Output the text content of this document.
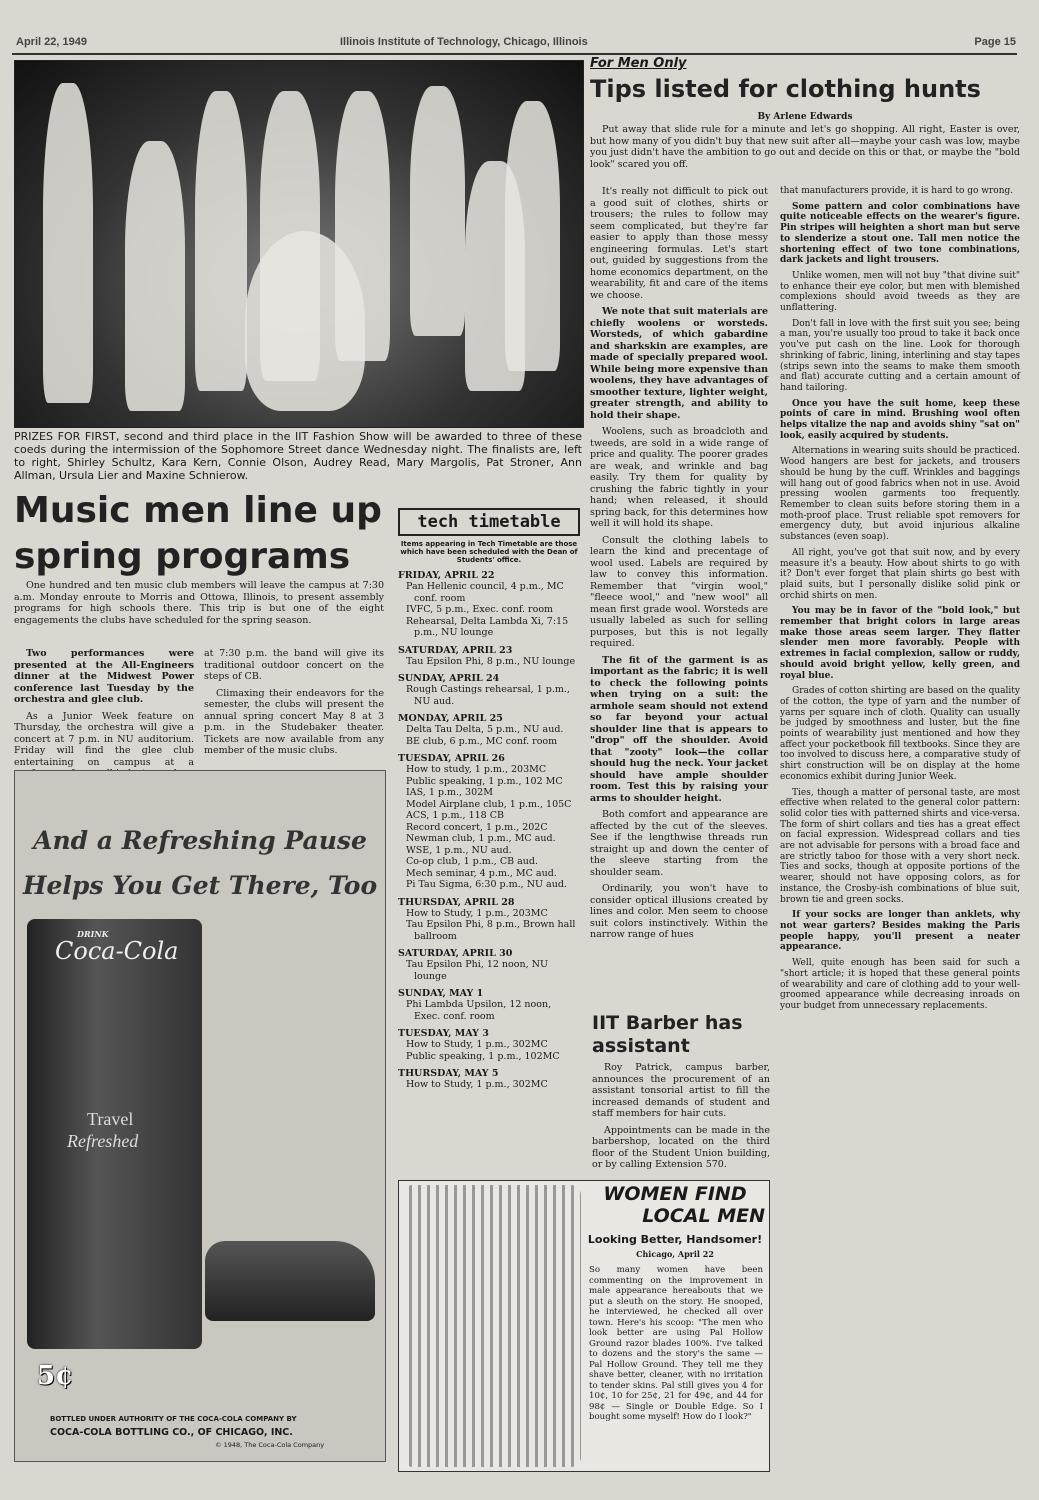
April 22, 1949	Illinois Institute of Technology, Chicago, Illinois	Page 15
PRIZES FOR FIRST, second and third place in the IIT Fashion Show will be awarded to three of these coeds during the intermission of the Sophomore Street dance Wednesday night. The finalists are, left to right, Shirley Schultz, Kara Kern, Connie Olson, Audrey Read, Mary Margolis, Pat Stroner, Ann Allman, Ursula Lier and Maxine Schnierow.
Music men line up spring programs

One hundred and ten music club members will leave the campus at 7:30 a.m. Monday enroute to Morris and Ottowa, Illinois, to present assembly programs for high schools there. This trip is but one of the eight engagements the clubs have scheduled for the spring season.

Two performances were presented at the All-Engineers dinner at the Midwest Power conference last Tuesday by the orchestra and glee club.

As a Junior Week feature on Thursday, the orchestra will give a concert at 7 p.m. in NU auditorium. Friday will find the glee club entertaining on campus at a

at 7:30 p.m. the band will give its traditional outdoor concert on the steps of CB.

Climaxing their endeavors for the semester, the clubs will present the annual spring concert May 8 at 3 p.m. in the Studebaker theater. Tickets are now available from any member of the music clubs.

tech timetable
Items appearing in Tech Timetable are those which have been scheduled with the Dean of Students' office.
FRIDAY, APRIL 22
Pan Hellenic council, 4 p.m., MC conf. room
IVFC, 5 p.m., Exec. conf. room
Rehearsal, Delta Lambda Xi, 7:15 p.m., NU lounge
SATURDAY, APRIL 23
Tau Epsilon Phi, 8 p.m., NU lounge
SUNDAY, APRIL 24
Rough Castings rehearsal, 1 p.m., NU aud.
MONDAY, APRIL 25
Delta Tau Delta, 5 p.m., NU aud.
BE club, 6 p.m., MC conf. room
TUESDAY, APRIL 26
How to study, 1 p.m., 203MC
Public speaking, 1 p.m., 102 MC
IAS, 1 p.m., 302M
Model Airplane club, 1 p.m., 105C
ACS, 1 p.m., 118 CB
Record concert, 1 p.m., 202C
Newman club, 1 p.m., MC aud.
WSE, 1 p.m., NU aud.
Co-op club, 1 p.m., CB aud.
Mech seminar, 4 p.m., MC aud.
Pi Tau Sigma, 6:30 p.m., NU aud.
THURSDAY, APRIL 28
How to Study, 1 p.m., 203MC
Tau Epsilon Phi, 8 p.m., Brown hall ballroom
SATURDAY, APRIL 30
Tau Epsilon Phi, 12 noon, NU lounge
SUNDAY, MAY 1
Phi Lambda Upsilon, 12 noon, Exec. conf. room
TUESDAY, MAY 3
How to Study, 1 p.m., 302MC
Public speaking, 1 p.m., 102MC
THURSDAY, MAY 5
How to Study, 1 p.m., 302MC
And a Refreshing Pause
Helps You Get There, Too
DRINK
Coca-Cola
Travel
Refreshed
5¢
BOTTLED UNDER AUTHORITY OF THE COCA-COLA COMPANY BY
COCA-COLA BOTTLING CO., OF CHICAGO, INC.
© 1948, The Coca-Cola Company
For Men Only
Tips listed for clothing hunts
By Arlene Edwards

Put away that slide rule for a minute and let's go shopping. All right, Easter is over, but how many of you didn't buy that new suit after all—maybe your cash was low, maybe you just didn't have the ambition to go out and decide on this or that, or maybe the "bold look" scared you off.

It's really not difficult to pick out a good suit of clothes, shirts or trousers; the rules to follow may seem complicated, but they're far easier to apply than those messy engineering formulas. Let's start out, guided by suggestions from the home economics department, on the wearability, fit and care of the items we choose.

We note that suit materials are chiefly woolens or worsteds. Worsteds, of which gabardine and sharkskin are examples, are made of specially prepared wool. While being more expensive than woolens, they have advantages of smoother texture, lighter weight, greater strength, and ability to hold their shape.

Woolens, such as broadcloth and tweeds, are sold in a wide range of price and quality. The poorer grades are weak, and wrinkle and bag easily. Try them for quality by crushing the fabric tightly in your hand; when released, it should spring back, for this determines how well it will hold its shape.

Consult the clothing labels to learn the kind and precentage of wool used. Labels are required by law to convey this information. Remember that "virgin wool," "fleece wool," and "new wool" all mean first grade wool. Worsteds are usually labeled as such for selling purposes, but this is not legally required.

The fit of the garment is as important as the fabric; it is well to check the following points when trying on a suit: the armhole seam should not extend so far beyond your actual shoulder line that is appears to "drop" off the shoulder. Avoid that "zooty" look—the collar should hug the neck. Your jacket should have ample shoulder room. Test this by raising your arms to shoulder height.

Both comfort and appearance are affected by the cut of the sleeves. See if the lengthwise threads run straight up and down the center of the sleeve starting from the shoulder seam.

Ordinarily, you won't have to consider optical illusions created by lines and color. Men seem to choose suit colors instinctively. Within the narrow range of hues

that manufacturers provide, it is hard to go wrong.

Some pattern and color combinations have quite noticeable effects on the wearer's figure. Pin stripes will heighten a short man but serve to slenderize a stout one. Tall men notice the shortening effect of two tone combinations, dark jackets and light trousers.

Unlike women, men will not buy "that divine suit" to enhance their eye color, but men with blemished complexions should avoid tweeds as they are unflattering.

Don't fall in love with the first suit you see; being a man, you're usually too proud to take it back once you've put cash on the line. Look for thorough shrinking of fabric, lining, interlining and stay tapes (strips sewn into the seams to make them smooth and flat) accurate cutting and a certain amount of hand tailoring.

Once you have the suit home, keep these points of care in mind. Brushing wool often helps vitalize the nap and avoids shiny "sat on" look, easily acquired by students.

Alternations in wearing suits should be practiced. Wood hangers are best for jackets, and trousers should be hung by the cuff. Wrinkles and baggings will hang out of good fabrics when not in use. Avoid pressing woolen garments too frequently. Remember to clean suits before storing them in a moth-proof place. Trust reliable spot removers for emergency duty, but avoid injurious alkaline substances (even soap).

All right, you've got that suit now, and by every measure it's a beauty. How about shirts to go with it? Don't ever forget that plain shirts go best with plaid suits, but I personally dislike solid pink or orchid shirts on men.

You may be in favor of the "bold look," but remember that bright colors in large areas make those areas seem larger. They flatter slender men more favorably. People with extremes in facial complexion, sallow or ruddy, should avoid bright yellow, kelly green, and royal blue.

Grades of cotton shirting are based on the quality of the cotton, the type of yarn and the number of yarns per square inch of cloth. Quality can usually be judged by smoothness and luster, but the fine points of wearability just mentioned and how they affect your pocketbook fill textbooks. Since they are too involved to discuss here, a comparative study of shirt construction will be on display at the home economics exhibit during Junior Week.

Ties, though a matter of personal taste, are most effective when related to the general color pattern: solid color ties with patterned shirts and vice-versa. The form of shirt collars and ties has a great effect on facial expression. Widespread collars and ties are not advisable for persons with a broad face and are strictly taboo for those with a very short neck. Ties and socks, though at opposite portions of the wearer, should not have opposing colors, as for instance, the Crosby-ish combinations of blue suit, brown tie and green socks.

If your socks are longer than anklets, why not wear garters? Besides making the Paris people happy, you'll present a neater appearance.

Well, quite enough has been said for such a "short article; it is hoped that these general points of wearability and care of clothing add to your well-groomed appearance while decreasing inroads on your budget from unnecessary replacements.

IIT Barber has assistant

Roy Patrick, campus barber, announces the procurement of an assistant tonsorial artist to fill the increased demands of student and staff members for hair cuts.

Appointments can be made in the barbershop, located on the third floor of the Student Union building, or by calling Extension 570.

WOMEN FIND
LOCAL MEN
Looking Better, Handsomer!
Chicago, April 22
So many women have been commenting on the improvement in male appearance hereabouts that we put a sleuth on the story. He snooped, he interviewed, he checked all over town. Here's his scoop: "The men who look better are using Pal Hollow Ground razor blades 100%. I've talked to dozens and the story's the same — Pal Hollow Ground. They tell me they shave better, cleaner, with no irritation to tender skins. Pal still gives you 4 for 10¢, 10 for 25¢, 21 for 49¢, and 44 for 98¢ — Single or Double Edge. So I bought some myself! How do I look?"
